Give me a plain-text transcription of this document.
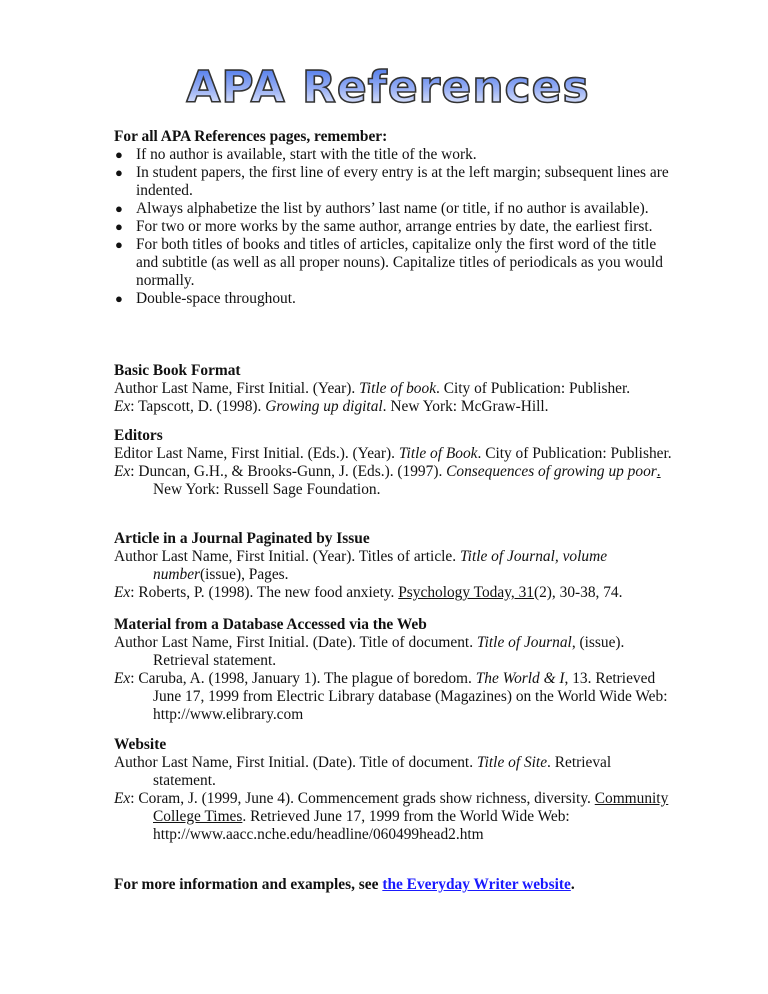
APA References

For all APA References pages, remember:

● If no author is available, start with the title of the work.
● In student papers, the first line of every entry is at the left margin; subsequent lines are indented.
● Always alphabetize the list by authors’ last name (or title, if no author is available).
● For two or more works by the same author, arrange entries by date, the earliest first.
● For both titles of books and titles of articles, capitalize only the first word of the title and subtitle (as well as all proper nouns). Capitalize titles of periodicals as you would normally.
● Double-space throughout.
Basic Book Format

Author Last Name, First Initial. (Year). Title of book. City of Publication: Publisher.

Ex: Tapscott, D. (1998). Growing up digital. New York: McGraw-Hill.

Editors

Editor Last Name, First Initial. (Eds.). (Year). Title of Book. City of Publication: Publisher.

Ex: Duncan, G.H., & Brooks-Gunn, J. (Eds.). (1997). Consequences of growing up poor. New York: Russell Sage Foundation.

Article in a Journal Paginated by Issue

Author Last Name, First Initial. (Year). Titles of article. Title of Journal, volume number(issue), Pages.

Ex: Roberts, P. (1998). The new food anxiety. Psychology Today, 31(2), 30-38, 74.

Material from a Database Accessed via the Web

Author Last Name, First Initial. (Date). Title of document. Title of Journal, (issue). Retrieval statement.

Ex: Caruba, A. (1998, January 1). The plague of boredom. The World & I, 13. Retrieved June 17, 1999 from Electric Library database (Magazines) on the World Wide Web: http://www.elibrary.com

Website

Author Last Name, First Initial. (Date). Title of document. Title of Site. Retrieval statement.

Ex: Coram, J. (1999, June 4). Commencement grads show richness, diversity. Community College Times. Retrieved June 17, 1999 from the World Wide Web: http://www.aacc.nche.edu/headline/060499head2.htm

For more information and examples, see the Everyday Writer website.
